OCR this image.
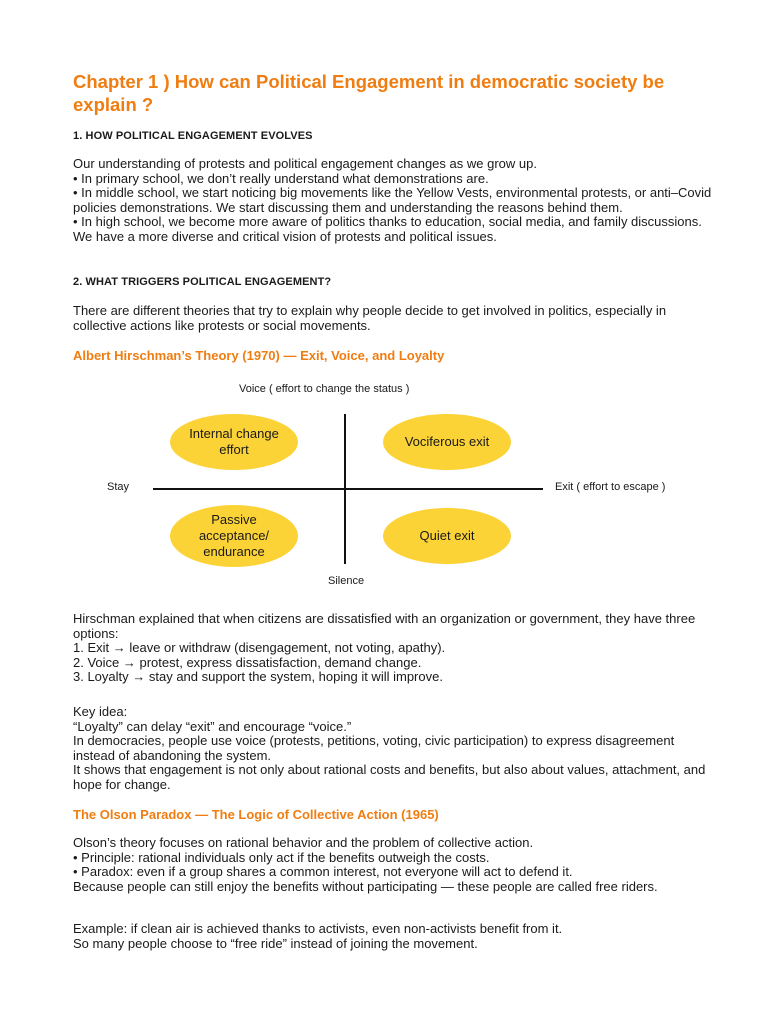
Chapter 1 ) How can Political Engagement in democratic society be explain ?

1. HOW POLITICAL ENGAGEMENT EVOLVES

Our understanding of protests and political engagement changes as we grow up.
• In primary school, we don’t really understand what demonstrations are.
• In middle school, we start noticing big movements like the Yellow Vests, environmental protests, or anti–Covid policies demonstrations. We start discussing them and understanding the reasons behind them.
• In high school, we become more aware of politics thanks to education, social media, and family discussions. We have a more diverse and critical vision of protests and political issues.

2. WHAT TRIGGERS POLITICAL ENGAGEMENT?

There are different theories that try to explain why people decide to get involved in politics, especially in collective actions like protests or social movements.

Albert Hirschman’s Theory (1970) — Exit, Voice, and Loyalty

Voice ( effort to change the status )
Silence
Stay	Exit ( effort to escape )
Internal change effort
Vociferous exit
Passive acceptance/ endurance
Quiet exit
Hirschman explained that when citizens are dissatisfied with an organization or government, they have three options:
1. Exit → leave or withdraw (disengagement, not voting, apathy).
2. Voice → protest, express dissatisfaction, demand change.
3. Loyalty → stay and support the system, hoping it will improve.
Key idea:
“Loyalty” can delay “exit” and encourage “voice.”
In democracies, people use voice (protests, petitions, voting, civic participation) to express disagreement instead of abandoning the system.
It shows that engagement is not only about rational costs and benefits, but also about values, attachment, and hope for change.

The Olson Paradox — The Logic of Collective Action (1965)

Olson’s theory focuses on rational behavior and the problem of collective action.
• Principle: rational individuals only act if the benefits outweigh the costs.
• Paradox: even if a group shares a common interest, not everyone will act to defend it.
Because people can still enjoy the benefits without participating — these people are called free riders.
Example: if clean air is achieved thanks to activists, even non-activists benefit from it.
So many people choose to “free ride” instead of joining the movement.
